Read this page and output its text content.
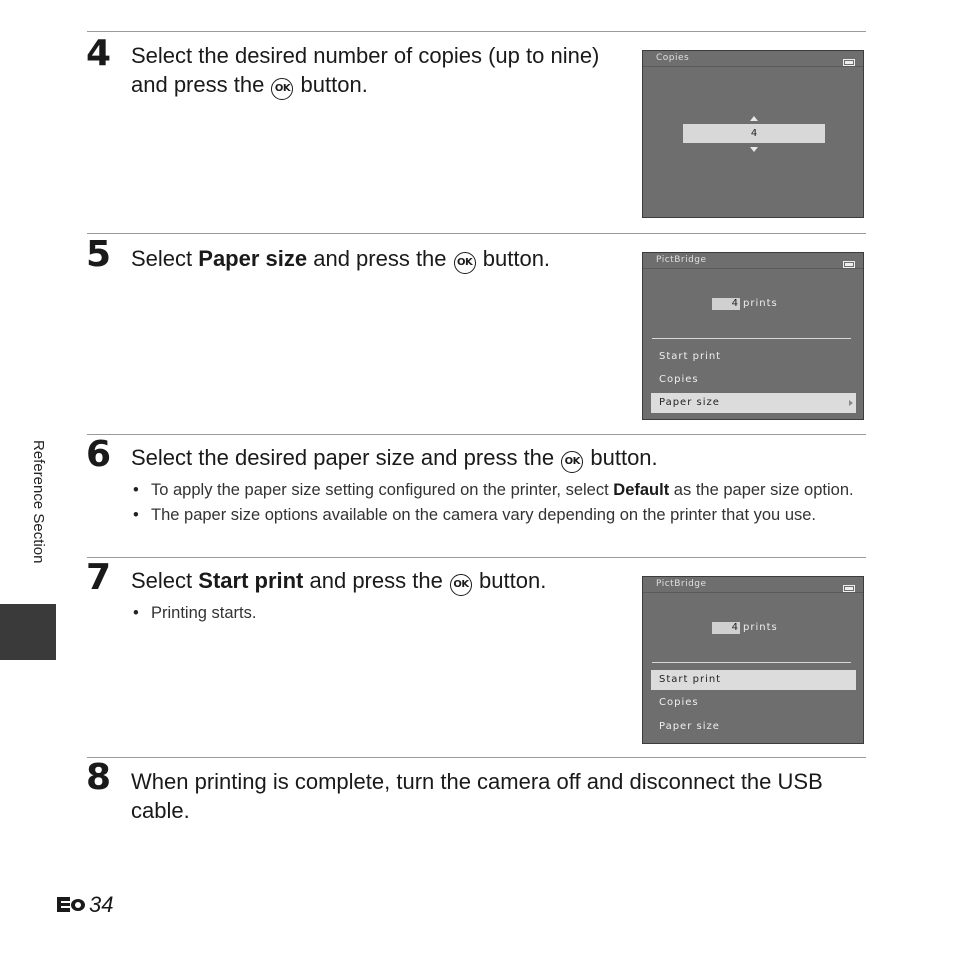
4 Select the desired number of copies (up to nine) and press the OK button.
Copies
4
5 Select Paper size and press the OK button.	PictBridge
4 prints
Start print
Copies
Paper size
6 Select the desired paper size and press the OK button.
• To apply the paper size setting configured on the printer, select Default as the paper size option.
• The paper size options available on the camera vary depending on the printer that you use.
7 Select Start print and press the OK button.
• Printing starts.
PictBridge
4 prints
Start print
Copies
Paper size
8 When printing is complete, turn the camera off and disconnect the USB cable.
Reference Section
34
